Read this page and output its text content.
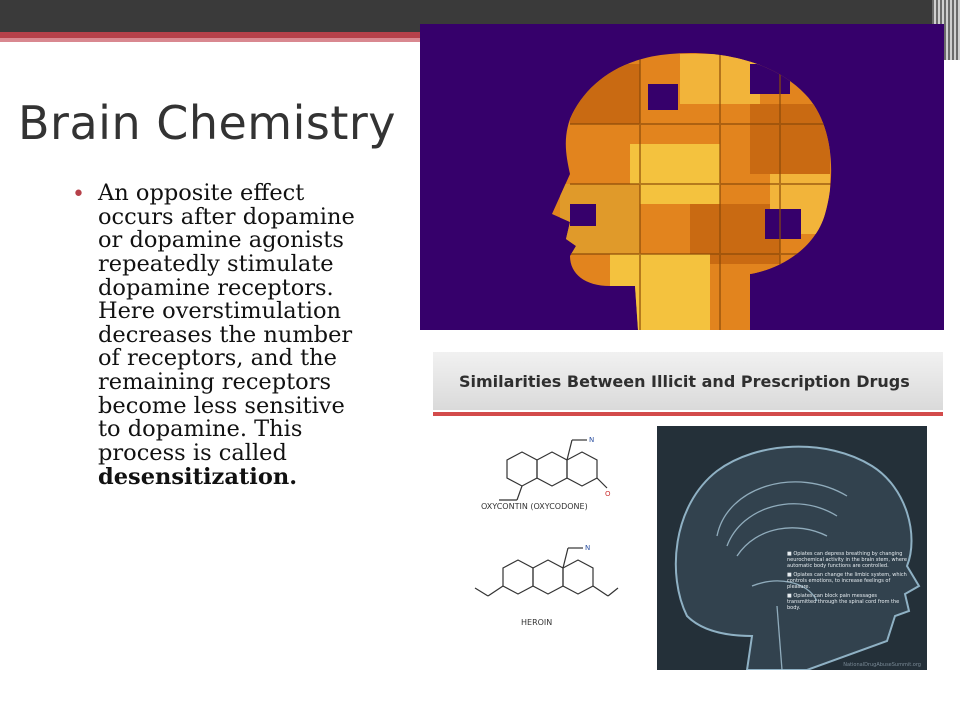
Brain Chemistry
• An opposite effect occurs after dopamine or dopamine agonists repeatedly stimulate dopamine receptors. Here overstimulation decreases the number of receptors, and the remaining receptors become less sensitive to dopamine. This process is called desensitization.
Similarities Between Illicit and Prescription Drugs
N
O
OXYCONTIN (OXYCODONE)
N
HEROIN
■ Opiates can depress breathing by changing neurochemical activity in the brain stem, where automatic body functions are controlled.
■ Opiates can change the limbic system, which controls emotions, to increase feelings of pleasure.
■ Opiates can block pain messages transmitted through the spinal cord from the body.
NationalDrugAbuseSummit.org
